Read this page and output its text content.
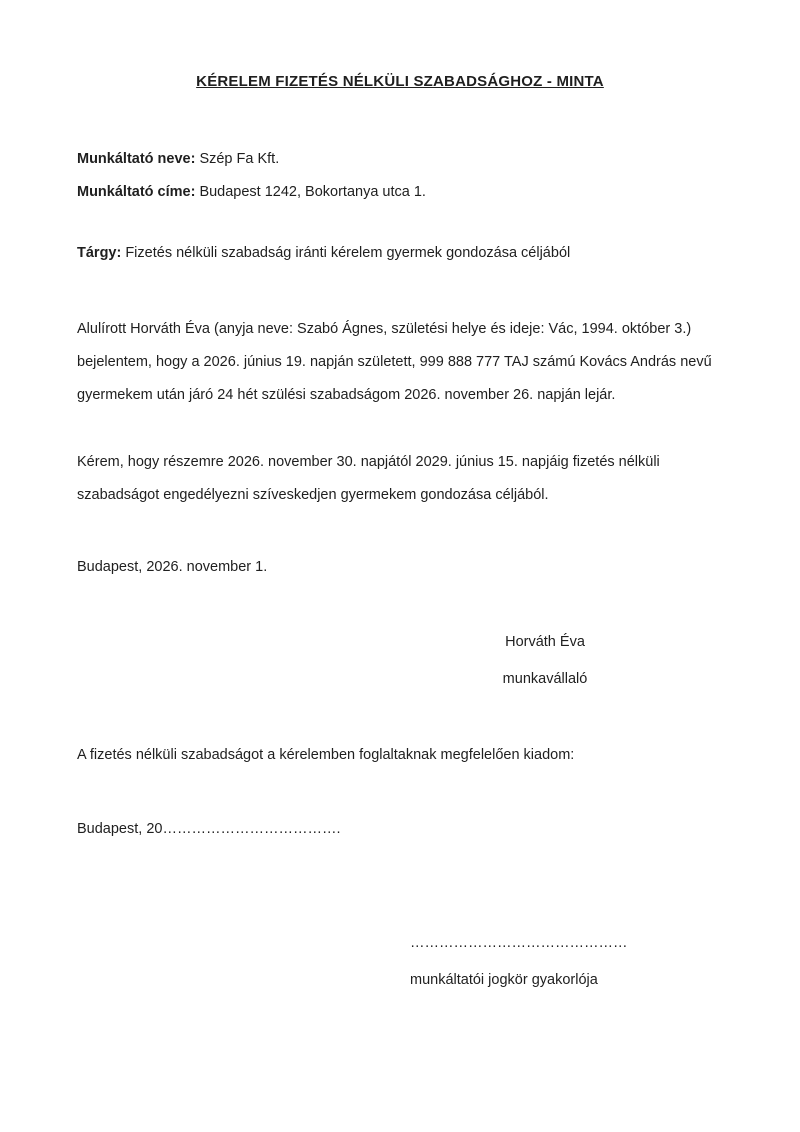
KÉRELEM FIZETÉS NÉLKÜLI SZABADSÁGHOZ - MINTA
Munkáltató neve: Szép Fa Kft.
Munkáltató címe: Budapest 1242, Bokortanya utca 1.
Tárgy: Fizetés nélküli szabadság iránti kérelem gyermek gondozása céljából
Alulírott Horváth Éva (anyja neve: Szabó Ágnes, születési helye és ideje: Vác, 1994. október 3.)
bejelentem, hogy a 2026. június 19. napján született, 999 888 777 TAJ számú Kovács András nevű
gyermekem után járó 24 hét szülési szabadságom 2026. november 26. napján lejár.
Kérem, hogy részemre 2026. november 30. napjától 2029. június 15. napjáig fizetés nélküli
szabadságot engedélyezni szíveskedjen gyermekem gondozása céljából.
Budapest, 2026. november 1.
Horváth Éva
munkavállaló
A fizetés nélküli szabadságot a kérelemben foglaltaknak megfelelően kiadom:
Budapest, 20……………………………….
………………………………………
munkáltatói jogkör gyakorlója
